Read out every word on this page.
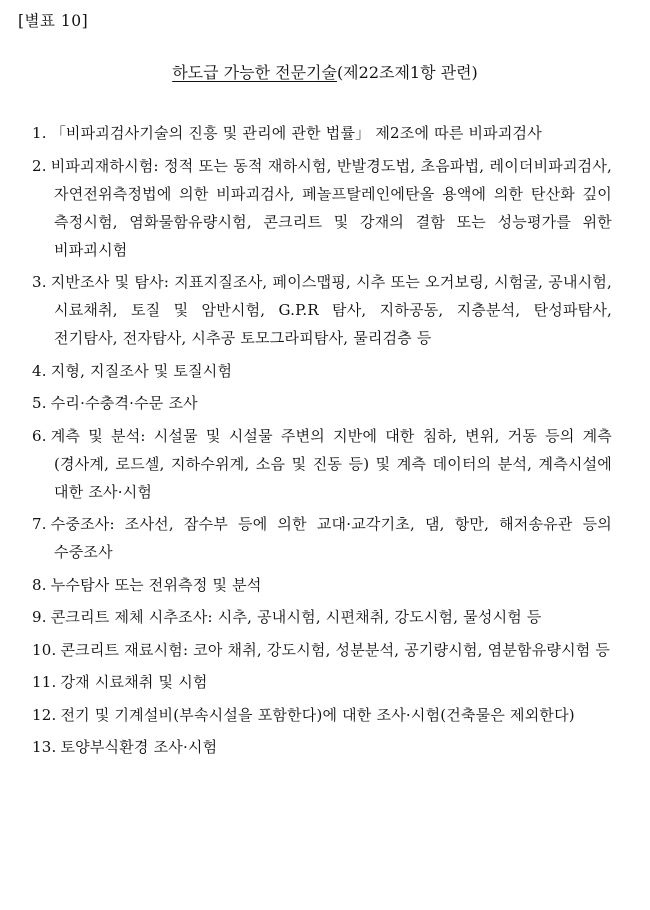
[별표 10]
하도급 가능한 전문기술(제22조제1항 관련)
1. 「비파괴검사기술의 진흥 및 관리에 관한 법률」 제2조에 따른 비파괴검사
2. 비파괴재하시험: 정적 또는 동적 재하시험, 반발경도법, 초음파법, 레이더비파괴검사, 자연전위측정법에 의한 비파괴검사, 페놀프탈레인에탄올 용액에 의한 탄산화 깊이 측정시험, 염화물함유량시험, 콘크리트 및 강재의 결함 또는 성능평가를 위한 비파괴시험
3. 지반조사 및 탐사: 지표지질조사, 페이스맵핑, 시추 또는 오거보링, 시험굴, 공내시험, 시료채취, 토질 및 암반시험, G.P.R 탐사, 지하공동, 지층분석, 탄성파탐사, 전기탐사, 전자탐사, 시추공 토모그라피탐사, 물리검층 등
4. 지형, 지질조사 및 토질시험
5. 수리·수충격·수문 조사
6. 계측 및 분석: 시설물 및 시설물 주변의 지반에 대한 침하, 변위, 거동 등의 계측(경사계, 로드셀, 지하수위계, 소음 및 진동 등) 및 계측 데이터의 분석, 계측시설에 대한 조사·시험
7. 수중조사: 조사선, 잠수부 등에 의한 교대·교각기초, 댐, 항만, 해저송유관 등의 수중조사
8. 누수탐사 또는 전위측정 및 분석
9. 콘크리트 제체 시추조사: 시추, 공내시험, 시편채취, 강도시험, 물성시험 등
10. 콘크리트 재료시험: 코아 채취, 강도시험, 성분분석, 공기량시험, 염분함유량시험 등
11. 강재 시료채취 및 시험
12. 전기 및 기계설비(부속시설을 포함한다)에 대한 조사·시험(건축물은 제외한다)
13. 토양부식환경 조사·시험
